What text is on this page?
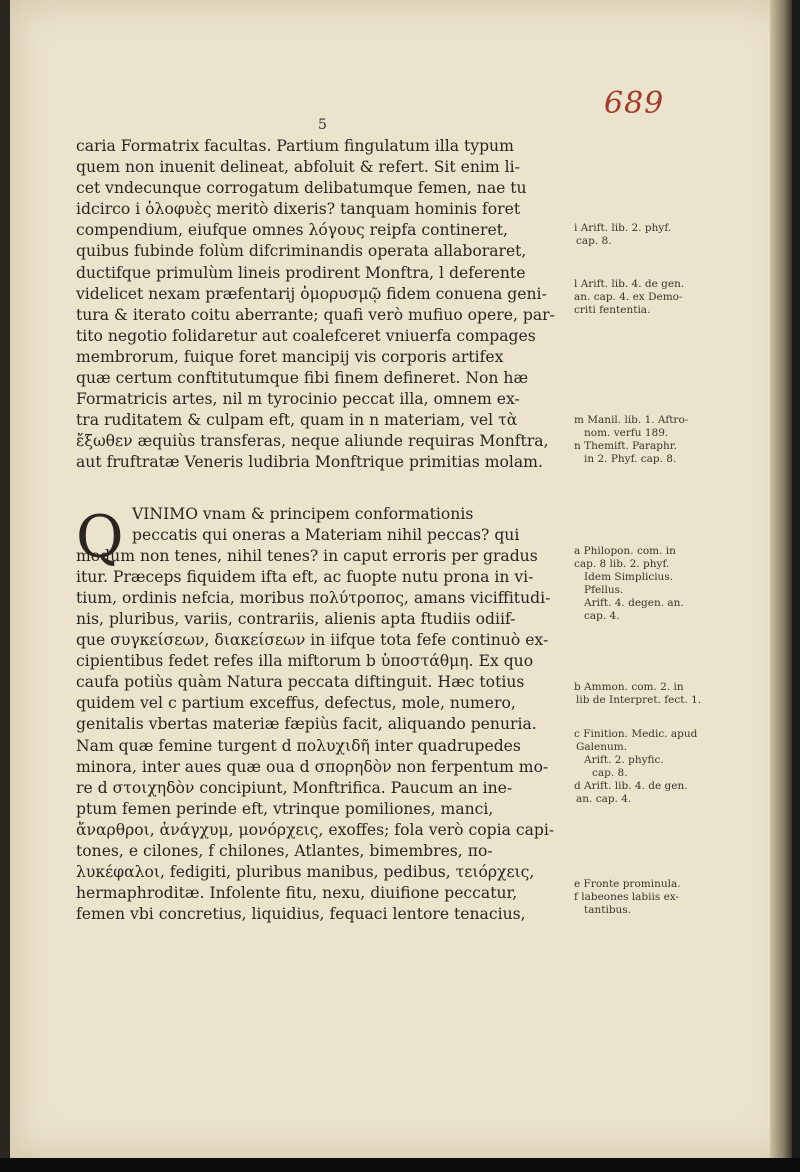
689
5
Q
caria Formatrix facultas. Partium fingulatum illa typum
quem non inuenit delineat, abfoluit & refert. Sit enim li-
cet vndecunque corrogatum delibatumque femen, nae tu
idcirco i ὁλοφυὲς meritò dixeris? tanquam hominis foret
compendium, eiufque omnes λόγους reipfa contineret,
quibus fubinde folùm difcriminandis operata allaboraret,
ductifque primulùm lineis prodirent Monftra, l deferente
videlicet nexam præfentarij ὁμορυσμῷ fidem conuena geni-
tura & iterato coitu aberrante; quafi verò mufiuo opere, par-
tito negotio folidaretur aut coalefceret vniuerfa compages
membrorum, fuique foret mancipij vis corporis artifex
quæ certum conftitutumque fibi finem defineret. Non hæ
Formatricis artes, nil m tyrocinio peccat illa, omnem ex-
tra ruditatem & culpam eft, quam in n materiam, vel τὰ
ἔξωθεν æquiùs transferas, neque aliunde requiras Monftra,
aut fruftratæ Veneris ludibria Monftrique primitias molam.
VINIMO vnam & principem conformationis
peccatis qui oneras a Materiam nihil peccas? qui
modum non tenes, nihil tenes? in caput erroris per gradus
itur. Præceps fiquidem ifta eft, ac fuopte nutu prona in vi-
tium, ordinis nefcia, moribus πολύτροπος, amans viciffitudi-
nis, pluribus, variis, contrariis, alienis apta ftudiis odiif-
que συγκείσεων, διακείσεων in iifque tota fefe continuò ex-
cipientibus fedet refes illa miftorum b ὑποστάθμη. Ex quo
caufa potiùs quàm Natura peccata diftinguit. Hæc totius
quidem vel c partium exceffus, defectus, mole, numero,
genitalis vbertas materiæ fæpiùs facit, aliquando penuria.
Nam quæ femine turgent d πολυχιδῆ inter quadrupedes
minora, inter aues quæ oua d σπορηδὸν non ferpentum mo-
re d στοιχηδὸν concipiunt, Monftrifica. Paucum an ine-
ptum femen perinde eft, vtrinque pomiliones, manci,
ἄναρθροι, ἀνάγχυμ, μονόρχεις, exoffes; fola verò copia capi-
tones, e cilones, f chilones, Atlantes, bimembres, πο-
λυκέφαλοι, fedigiti, pluribus manibus, pedibus, τειόρχεις,
hermaphroditæ. Infolente fitu, nexu, diuifione peccatur,
femen vbi concretius, liquidius, fequaci lentore tenacius,
i Arift. lib. 2. phyf.
cap. 8.
l Arift. lib. 4. de gen.
an. cap. 4. ex Demo-
criti fententia.
m Manil. lib. 1. Aftro-
nom. verfu 189.
n Themift. Paraphr.
in 2. Phyf. cap. 8.
a Philopon. com. in
cap. 8 lib. 2. phyf.
Idem Simplicius.
Pfellus.
Arift. 4. degen. an.
cap. 4.
b Ammon. com. 2. in
lib de Interpret. fect. 1.
c Finition. Medic. apud
Galenum.
Arift. 2. phyfic.
cap. 8.
d Arift. lib. 4. de gen.
an. cap. 4.
e Fronte prominula.
f labeones labiis ex-
tantibus.
